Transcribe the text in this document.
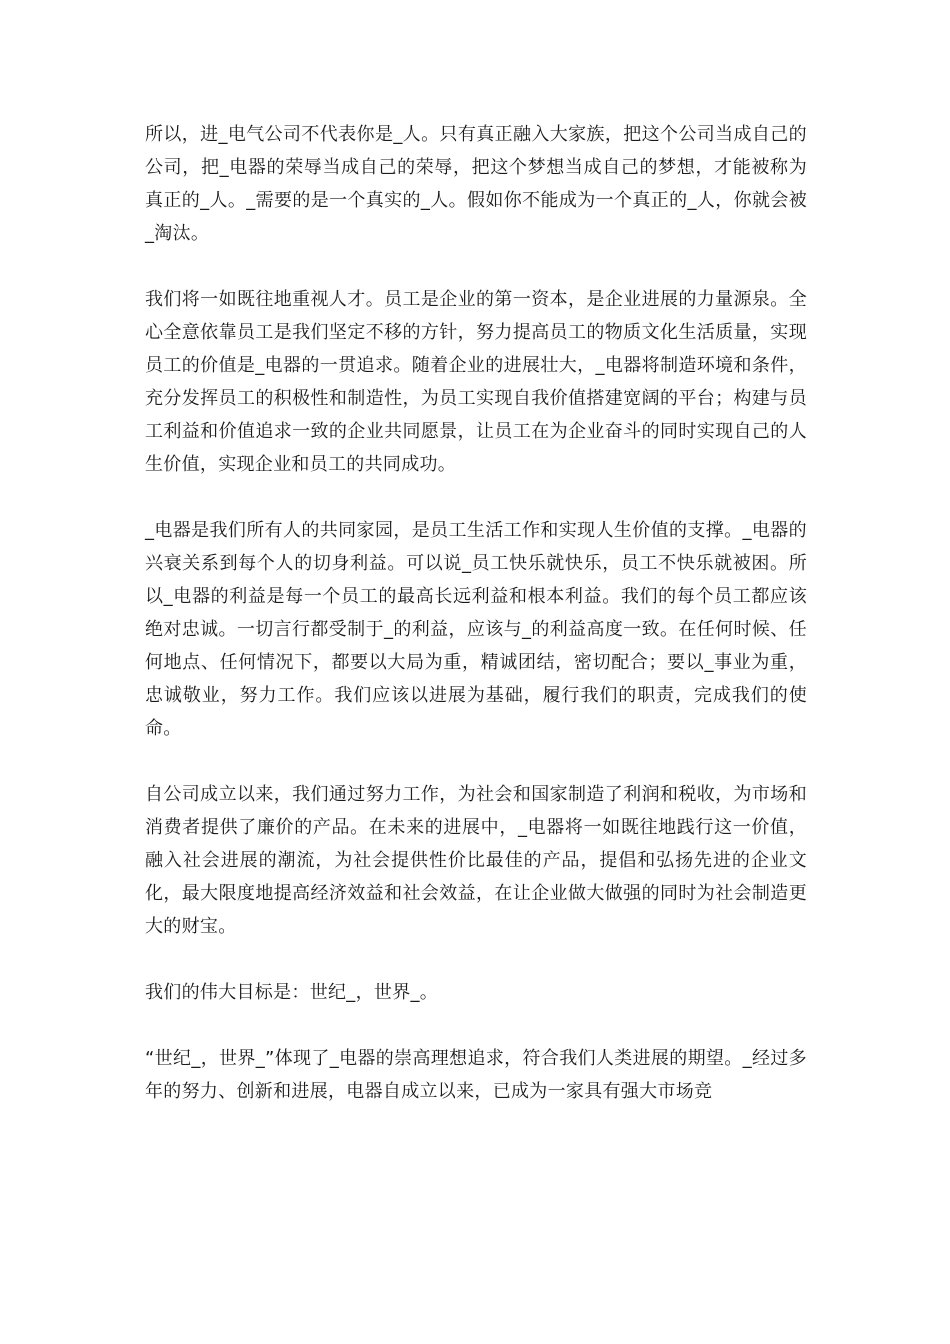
所以，进_电气公司不代表你是_人。只有真正融入大家族，把这个公司当成自己的公司，把_电器的荣辱当成自己的荣辱，把这个梦想当成自己的梦想，才能被称为真正的_人。_需要的是一个真实的_人。假如你不能成为一个真正的_人，你就会被_淘汰。

我们将一如既往地重视人才。员工是企业的第一资本，是企业进展的力量源泉。全心全意依靠员工是我们坚定不移的方针，努力提高员工的物质文化生活质量，实现员工的价值是_电器的一贯追求。随着企业的进展壮大，_电器将制造环境和条件，充分发挥员工的积极性和制造性，为员工实现自我价值搭建宽阔的平台；构建与员工利益和价值追求一致的企业共同愿景，让员工在为企业奋斗的同时实现自己的人生价值，实现企业和员工的共同成功。

_电器是我们所有人的共同家园，是员工生活工作和实现人生价值的支撑。_电器的兴衰关系到每个人的切身利益。可以说_员工快乐就快乐，员工不快乐就被困。所以_电器的利益是每一个员工的最高长远利益和根本利益。我们的每个员工都应该绝对忠诚。一切言行都受制于_的利益，应该与_的利益高度一致。在任何时候、任何地点、任何情况下，都要以大局为重，精诚团结，密切配合；要以_事业为重，忠诚敬业，努力工作。我们应该以进展为基础，履行我们的职责，完成我们的使命。

自公司成立以来，我们通过努力工作，为社会和国家制造了利润和税收，为市场和消费者提供了廉价的产品。在未来的进展中，_电器将一如既往地践行这一价值，融入社会进展的潮流，为社会提供性价比最佳的产品，提倡和弘扬先进的企业文化，最大限度地提高经济效益和社会效益，在让企业做大做强的同时为社会制造更大的财宝。

我们的伟大目标是：世纪_，世界_。

“世纪_，世界_”体现了_电器的崇高理想追求，符合我们人类进展的期望。_经过多年的努力、创新和进展，电器自成立以来，已成为一家具有强大市场竞
